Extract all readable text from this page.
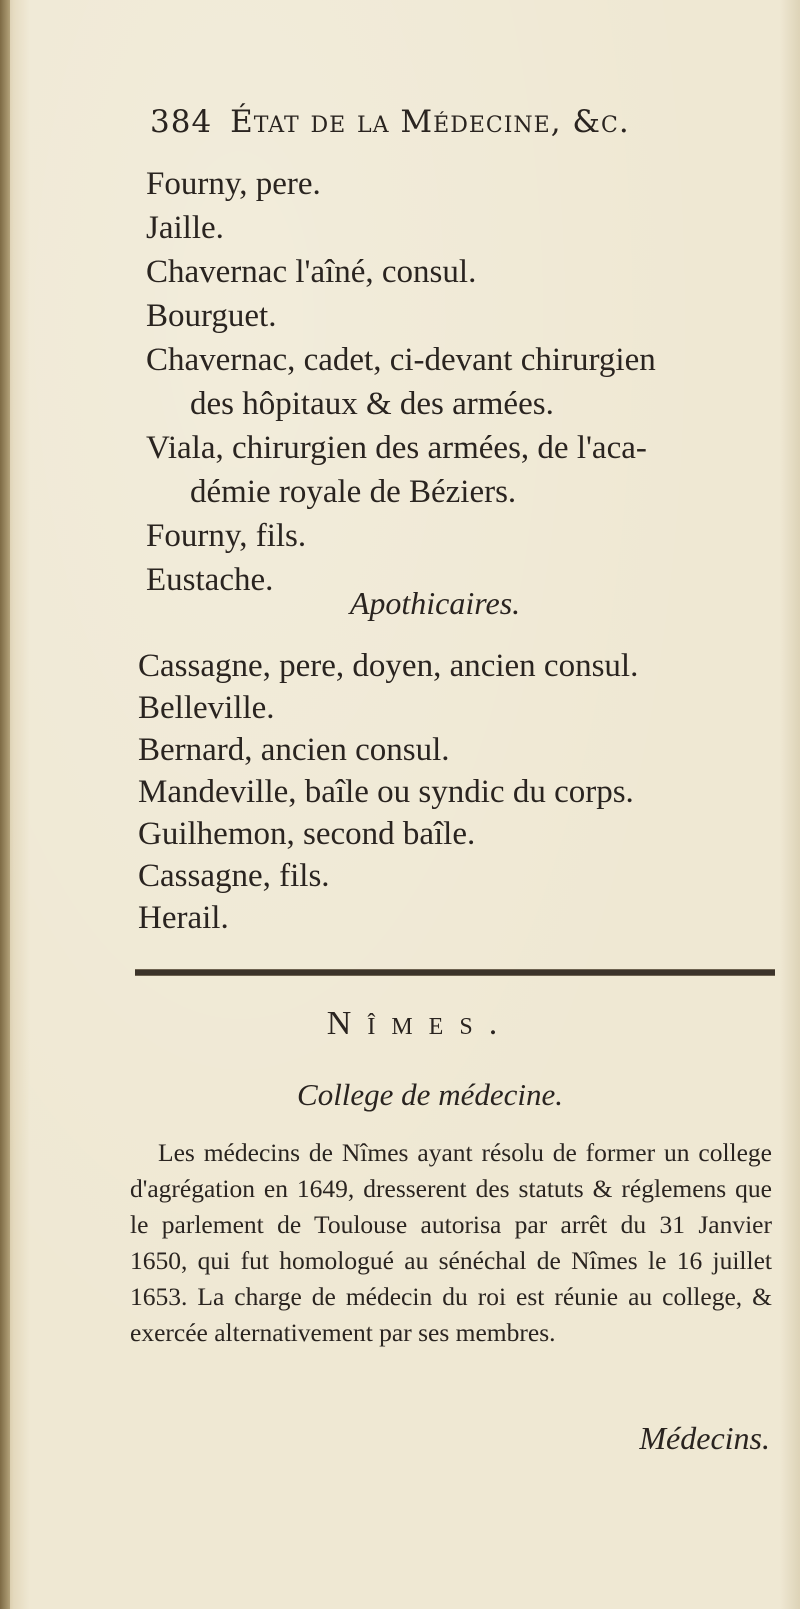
384 État de la Médecine, &c.
Fourny, pere.
Jaille.
Chavernac l'aîné, consul.
Bourguet.
Chavernac, cadet, ci-devant chirurgien
des hôpitaux & des armées.
Viala, chirurgien des armées, de l'aca-
démie royale de Béziers.
Fourny, fils.
Eustache.
Apothicaires.
Cassagne, pere, doyen, ancien consul.
Belleville.
Bernard, ancien consul.
Mandeville, baîle ou syndic du corps.
Guilhemon, second baîle.
Cassagne, fils.
Herail.
Nîmes.
College de médecine.
Les médecins de Nîmes ayant résolu de former un college d'agrégation en 1649, dresserent des statuts & réglemens que le parlement de Toulouse autorisa par arrêt du 31 Janvier 1650, qui fut homologué au sénéchal de Nîmes le 16 juillet 1653. La charge de médecin du roi est réunie au college, & exercée alternativement par ses membres.
Médecins.
